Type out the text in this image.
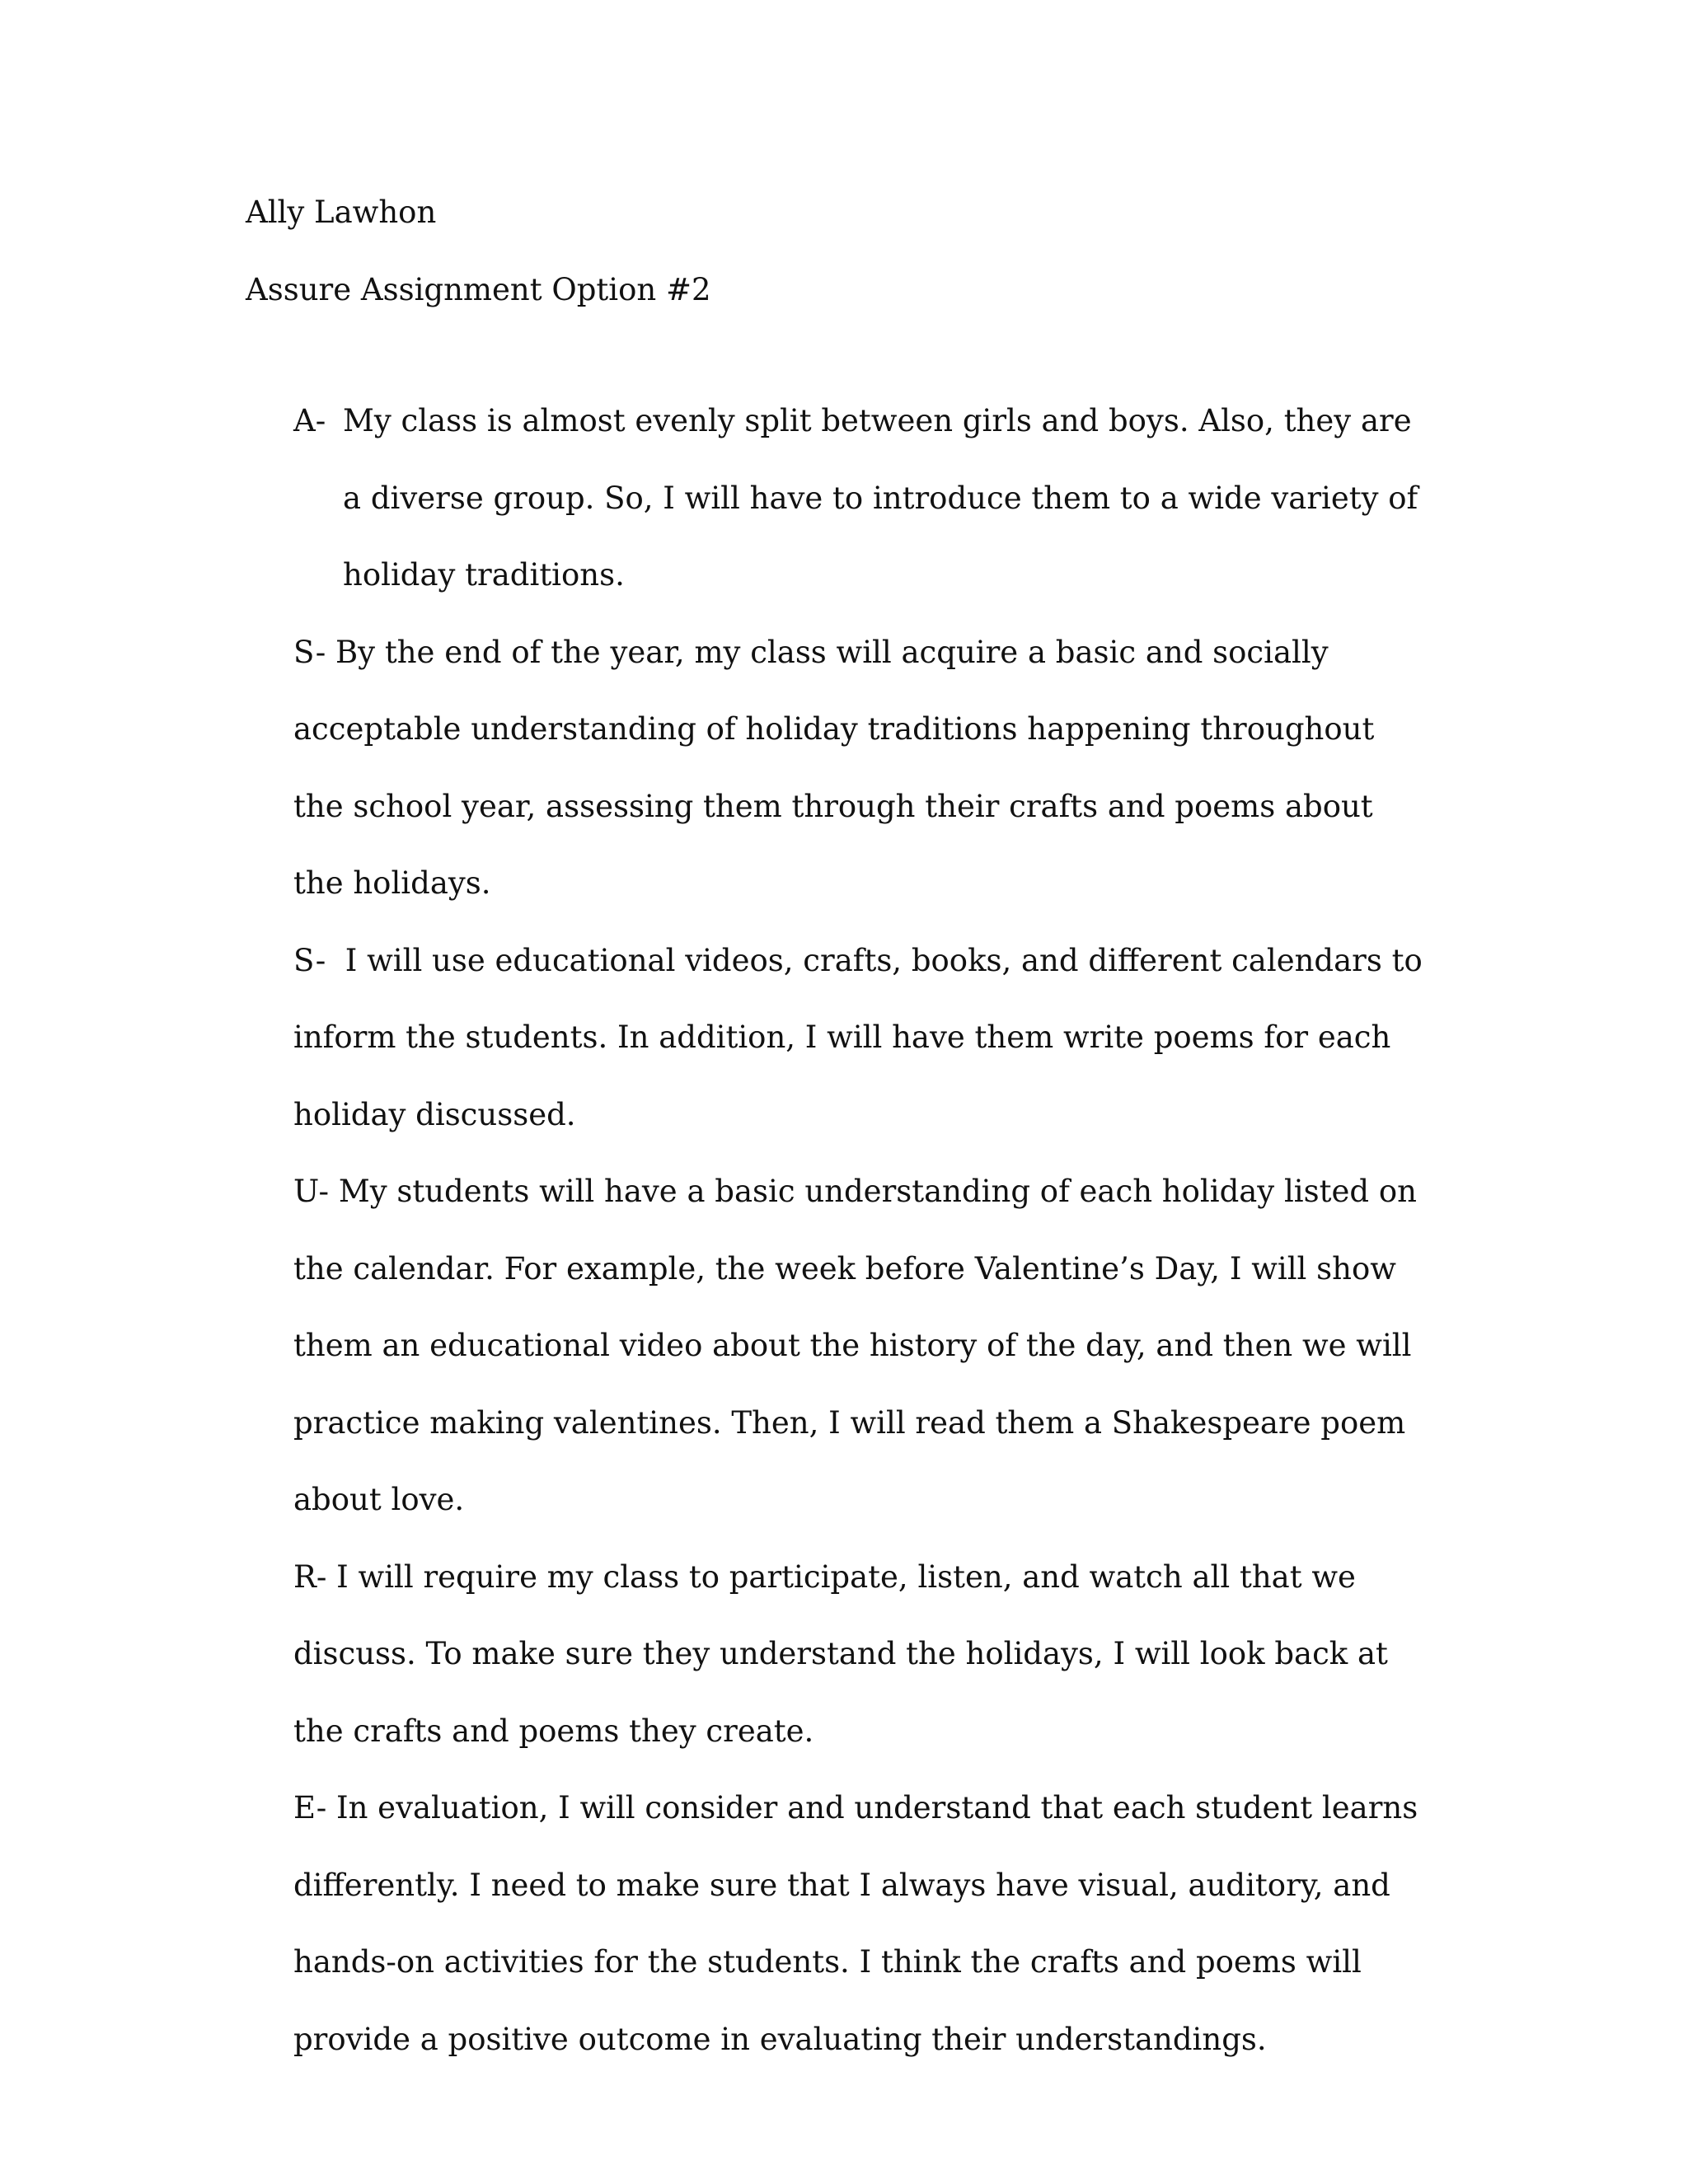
Ally Lawhon
Assure Assignment Option #2

A- My class is almost evenly split between girls and boys. Also, they are a diverse group. So, I will have to introduce them to a wide variety of holiday traditions.

S- By the end of the year, my class will acquire a basic and socially acceptable understanding of holiday traditions happening throughout the school year, assessing them through their crafts and poems about the holidays.

S- I will use educational videos, crafts, books, and different calendars to inform the students. In addition, I will have them write poems for each holiday discussed.

U- My students will have a basic understanding of each holiday listed on the calendar. For example, the week before Valentine’s Day, I will show them an educational video about the history of the day, and then we will practice making valentines. Then, I will read them a Shakespeare poem about love.

R- I will require my class to participate, listen, and watch all that we discuss. To make sure they understand the holidays, I will look back at the crafts and poems they create.

E- In evaluation, I will consider and understand that each student learns differently. I need to make sure that I always have visual, auditory, and hands-on activities for the students. I think the crafts and poems will provide a positive outcome in evaluating their understandings.
